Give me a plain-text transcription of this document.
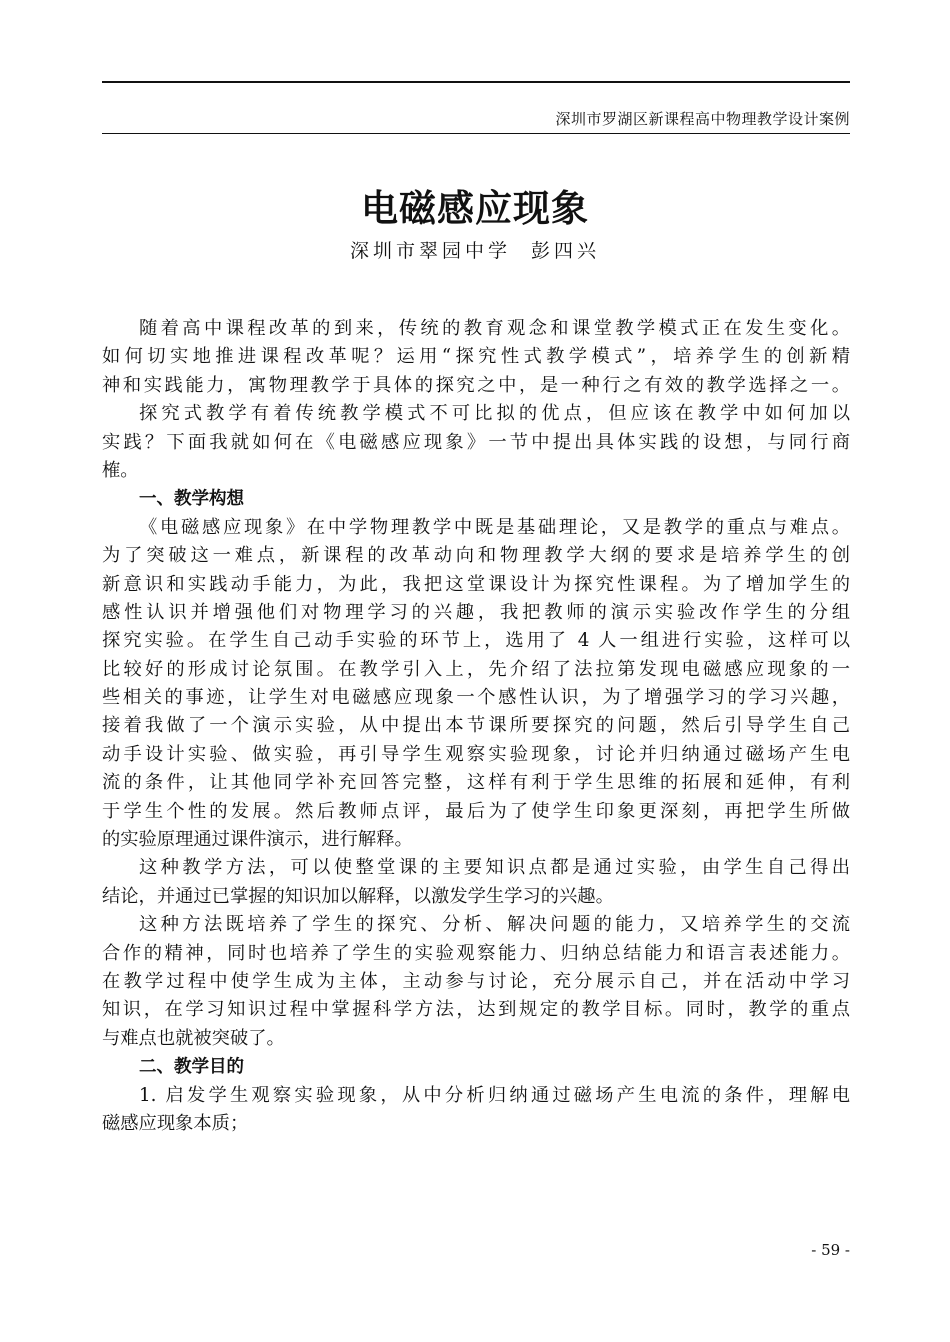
深圳市罗湖区新课程高中物理教学设计案例
电磁感应现象
深圳市翠园中学 彭四兴
随着高中课程改革的到来，传统的教育观念和课堂教学模式正在发生变化。
如何切实地推进课程改革呢？运用“探究性式教学模式”，培养学生的创新精
神和实践能力，寓物理教学于具体的探究之中，是一种行之有效的教学选择之一。
探究式教学有着传统教学模式不可比拟的优点，但应该在教学中如何加以
实践？下面我就如何在《电磁感应现象》一节中提出具体实践的设想，与同行商
榷。
一、教学构想
《电磁感应现象》在中学物理教学中既是基础理论，又是教学的重点与难点。
为了突破这一难点，新课程的改革动向和物理教学大纲的要求是培养学生的创
新意识和实践动手能力，为此，我把这堂课设计为探究性课程。为了增加学生的
感性认识并增强他们对物理学习的兴趣，我把教师的演示实验改作学生的分组
探究实验。在学生自己动手实验的环节上，选用了 4 人一组进行实验，这样可以
比较好的形成讨论氛围。在教学引入上，先介绍了法拉第发现电磁感应现象的一
些相关的事迹，让学生对电磁感应现象一个感性认识，为了增强学习的学习兴趣，
接着我做了一个演示实验，从中提出本节课所要探究的问题，然后引导学生自己
动手设计实验、做实验，再引导学生观察实验现象，讨论并归纳通过磁场产生电
流的条件，让其他同学补充回答完整，这样有利于学生思维的拓展和延伸，有利
于学生个性的发展。然后教师点评，最后为了使学生印象更深刻，再把学生所做
的实验原理通过课件演示，进行解释。
这种教学方法，可以使整堂课的主要知识点都是通过实验，由学生自己得出
结论，并通过已掌握的知识加以解释，以激发学生学习的兴趣。
这种方法既培养了学生的探究、分析、解决问题的能力，又培养学生的交流
合作的精神，同时也培养了学生的实验观察能力、归纳总结能力和语言表述能力。
在教学过程中使学生成为主体，主动参与讨论，充分展示自己，并在活动中学习
知识，在学习知识过程中掌握科学方法，达到规定的教学目标。同时，教学的重点
与难点也就被突破了。
二、教学目的
1. 启发学生观察实验现象，从中分析归纳通过磁场产生电流的条件，理解电
磁感应现象本质；
- 59 -
